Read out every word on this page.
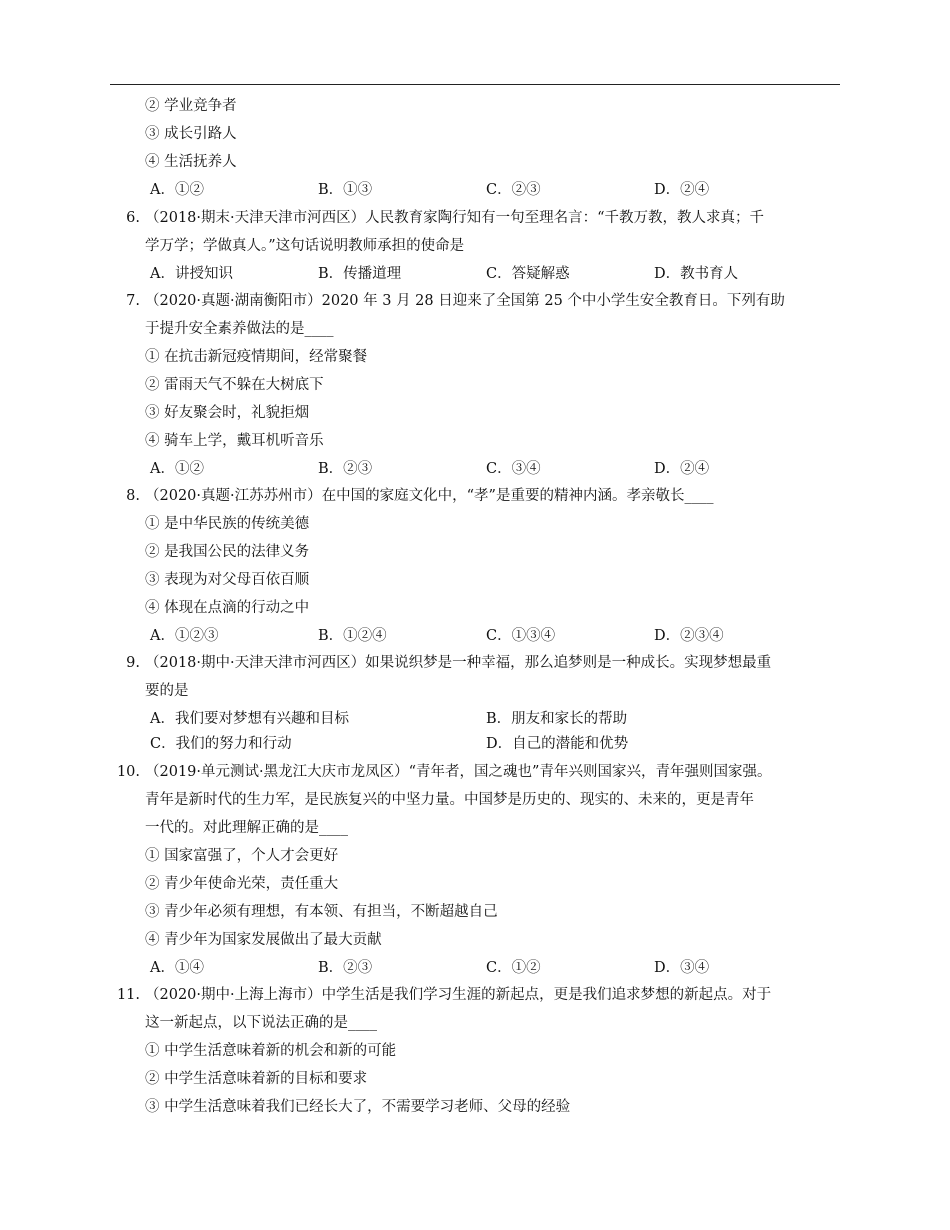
② 学业竞争者
③ 成长引路人
④ 生活抚养人
A．①②	B．①③	C．②③	D．②④
6. （2018·期末·天津天津市河西区）人民教育家陶行知有一句至理名言：“千教万教，教人求真；千
学万学；学做真人。”这句话说明教师承担的使命是
A．讲授知识	B．传播道理	C．答疑解惑	D．教书育人
7. （2020·真题·湖南衡阳市）2020 年 3 月 28 日迎来了全国第 25 个中小学生安全教育日。下列有助
于提升安全素养做法的是____
① 在抗击新冠疫情期间，经常聚餐
② 雷雨天气不躲在大树底下
③ 好友聚会时，礼貌拒烟
④ 骑车上学，戴耳机听音乐
A．①②	B．②③	C．③④	D．②④
8. （2020·真题·江苏苏州市）在中国的家庭文化中，“孝”是重要的精神内涵。孝亲敬长____
① 是中华民族的传统美德
② 是我国公民的法律义务
③ 表现为对父母百依百顺
④ 体现在点滴的行动之中
A．①②③	B．①②④	C．①③④	D．②③④
9. （2018·期中·天津天津市河西区）如果说织梦是一种幸福，那么追梦则是一种成长。实现梦想最重
要的是
A．我们要对梦想有兴趣和目标	B．朋友和家长的帮助
C．我们的努力和行动	D．自己的潜能和优势
10. （2019·单元测试·黑龙江大庆市龙凤区）“青年者，国之魂也”青年兴则国家兴，青年强则国家强。
青年是新时代的生力军，是民族复兴的中坚力量。中国梦是历史的、现实的、未来的，更是青年
一代的。对此理解正确的是____
① 国家富强了，个人才会更好
② 青少年使命光荣，责任重大
③ 青少年必须有理想，有本领、有担当，不断超越自己
④ 青少年为国家发展做出了最大贡献
A．①④	B．②③	C．①②	D．③④
11. （2020·期中·上海上海市）中学生活是我们学习生涯的新起点，更是我们追求梦想的新起点。对于
这一新起点，以下说法正确的是____
① 中学生活意味着新的机会和新的可能
② 中学生活意味着新的目标和要求
③ 中学生活意味着我们已经长大了，不需要学习老师、父母的经验
